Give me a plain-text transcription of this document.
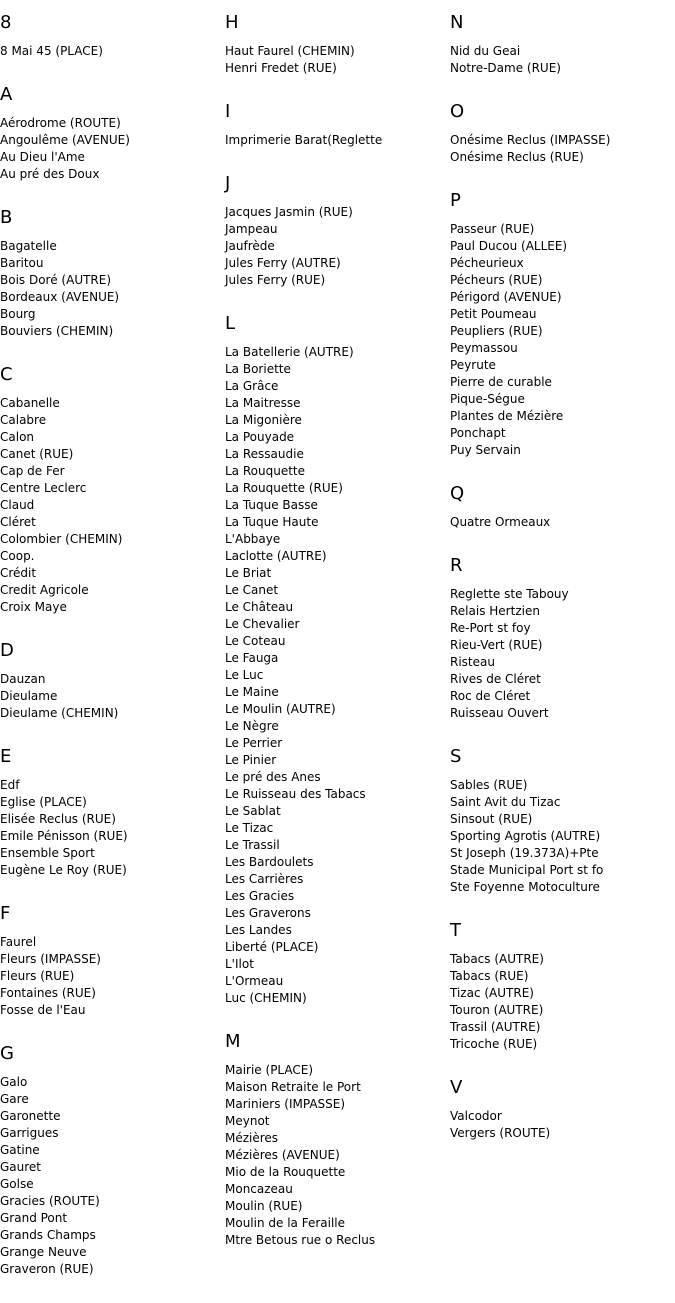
8
8 Mai 45 (PLACE)
A
Aérodrome (ROUTE)
Angoulême (AVENUE)
Au Dieu l'Ame
Au pré des Doux
B
Bagatelle
Baritou
Bois Doré (AUTRE)
Bordeaux (AVENUE)
Bourg
Bouviers (CHEMIN)
C
Cabanelle
Calabre
Calon
Canet (RUE)
Cap de Fer
Centre Leclerc
Claud
Cléret
Colombier (CHEMIN)
Coop.
Crédit
Credit Agricole
Croix Maye
D
Dauzan
Dieulame
Dieulame (CHEMIN)
E
Edf
Eglise (PLACE)
Elisée Reclus (RUE)
Emile Pénisson (RUE)
Ensemble Sport
Eugène Le Roy (RUE)
F
Faurel
Fleurs (IMPASSE)
Fleurs (RUE)
Fontaines (RUE)
Fosse de l'Eau
G
Galo
Gare
Garonette
Garrigues
Gatine
Gauret
Golse
Gracies (ROUTE)
Grand Pont
Grands Champs
Grange Neuve
Graveron (RUE)
H
Haut Faurel (CHEMIN)
Henri Fredet (RUE)
I
Imprimerie Barat(Reglette
J
Jacques Jasmin (RUE)
Jampeau
Jaufrède
Jules Ferry (AUTRE)
Jules Ferry (RUE)
L
La Batellerie (AUTRE)
La Boriette
La Grâce
La Maitresse
La Migonière
La Pouyade
La Ressaudie
La Rouquette
La Rouquette (RUE)
La Tuque Basse
La Tuque Haute
L'Abbaye
Laclotte (AUTRE)
Le Briat
Le Canet
Le Château
Le Chevalier
Le Coteau
Le Fauga
Le Luc
Le Maine
Le Moulin (AUTRE)
Le Nègre
Le Perrier
Le Pinier
Le pré des Anes
Le Ruisseau des Tabacs
Le Sablat
Le Tizac
Le Trassil
Les Bardoulets
Les Carrières
Les Gracies
Les Graverons
Les Landes
Liberté (PLACE)
L'Ilot
L'Ormeau
Luc (CHEMIN)
M
Mairie (PLACE)
Maison Retraite le Port
Mariniers (IMPASSE)
Meynot
Mézières
Mézières (AVENUE)
Mio de la Rouquette
Moncazeau
Moulin (RUE)
Moulin de la Feraille
Mtre Betous rue o Reclus
N
Nid du Geai
Notre-Dame (RUE)
O
Onésime Reclus (IMPASSE)
Onésime Reclus (RUE)
P
Passeur (RUE)
Paul Ducou (ALLEE)
Pécheurieux
Pécheurs (RUE)
Périgord (AVENUE)
Petit Poumeau
Peupliers (RUE)
Peymassou
Peyrute
Pierre de curable
Pique-Ségue
Plantes de Mézière
Ponchapt
Puy Servain
Q
Quatre Ormeaux
R
Reglette ste Tabouy
Relais Hertzien
Re-Port st foy
Rieu-Vert (RUE)
Risteau
Rives de Cléret
Roc de Cléret
Ruisseau Ouvert
S
Sables (RUE)
Saint Avit du Tizac
Sinsout (RUE)
Sporting Agrotis (AUTRE)
St Joseph (19.373A)+Pte
Stade Municipal Port st fo
Ste Foyenne Motoculture
T
Tabacs (AUTRE)
Tabacs (RUE)
Tizac (AUTRE)
Touron (AUTRE)
Trassil (AUTRE)
Tricoche (RUE)
V
Valcodor
Vergers (ROUTE)
